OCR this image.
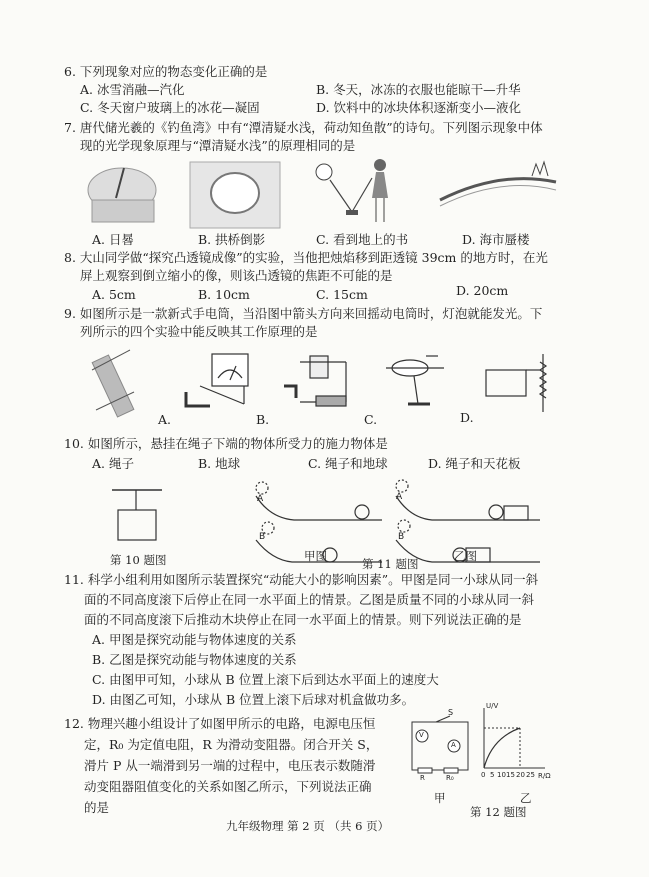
6. 下列现象对应的物态变化正确的是
A. 冰雪消融—汽化	B. 冬天，冰冻的衣服也能晾干—升华
C. 冬天窗户玻璃上的冰花—凝固	D. 饮料中的冰块体积逐渐变小—液化
7. 唐代储光羲的《钓鱼湾》中有“潭清疑水浅，荷动知鱼散”的诗句。下列图示现象中体
现的光学现象原理与“潭清疑水浅”的原理相同的是
A. 日晷	B. 拱桥倒影	C. 看到地上的书	D. 海市蜃楼
8. 大山同学做“探究凸透镜成像”的实验，当他把烛焰移到距透镜 39cm 的地方时，在光
屏上观察到倒立缩小的像，则该凸透镜的焦距不可能的是
A. 5cm	B. 10cm	C. 15cm	D. 20cm
9. 如图所示是一款新式手电筒，当沿图中箭头方向来回摇动电筒时，灯泡就能发光。下
列所示的四个实验中能反映其工作原理的是
A.	B.	C.	D.
10. 如图所示，悬挂在绳子下端的物体所受力的施力物体是
A. 绳子	B. 地球	C. 绳子和地球	D. 绳子和天花板
第 10 题图
A
B
A
B
甲图	乙图
第 11 题图
11. 科学小组利用如图所示装置探究“动能大小的影响因素”。甲图是同一小球从同一斜
面的不同高度滚下后停止在同一水平面上的情景。乙图是质量不同的小球从同一斜
面的不同高度滚下后推动木块停止在同一水平面上的情景。则下列说法正确的是
A. 甲图是探究动能与物体速度的关系
B. 乙图是探究动能与物体速度的关系
C. 由图甲可知，小球从 B 位置上滚下后到达水平面上的速度大
D. 由图乙可知，小球从 B 位置上滚下后球对机盒做功多。
12. 物理兴趣小组设计了如图甲所示的电路，电源电压恒
定，R₀ 为定值电阻，R 为滑动变阻器。闭合开关 S，
滑片 P 从一端滑到另一端的过程中，电压表示数随滑
动变阻器阻值变化的关系如图乙所示，下列说法正确
的是
V
A
S
R	R₀
甲
U/V
R/Ω
0 5 10 15 20 25
乙
第 12 题图
九年级物理 第 2 页 （共 6 页）
